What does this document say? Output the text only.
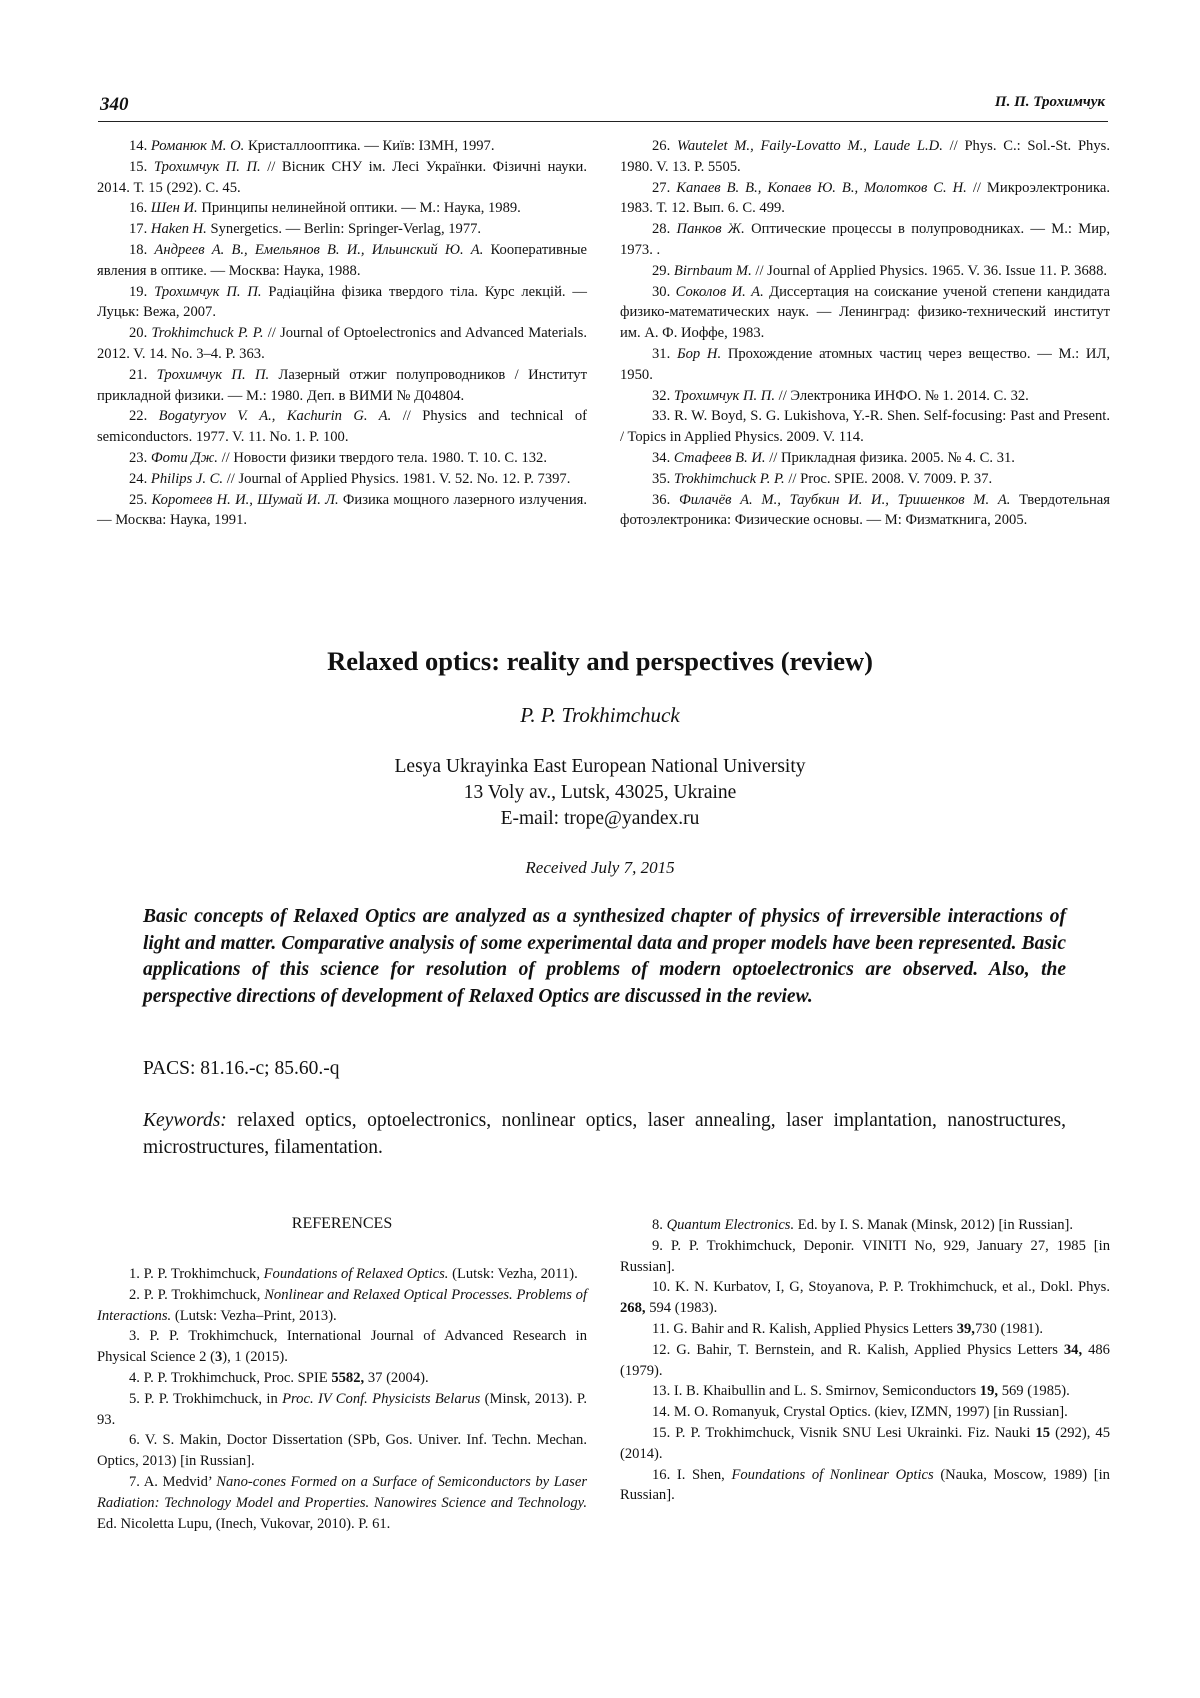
340	П. П. Трохимчук

14. Романюк М. О. Кристаллооптика. — Київ: ІЗМН, 1997.

15. Трохимчук П. П. // Вісник СНУ ім. Лесі Українки. Фізичні науки. 2014. Т. 15 (292). С. 45.

16. Шен И. Принципы нелинейной оптики. — М.: Наука, 1989.

17. Haken H. Synergetics. — Berlin: Springer-Verlag, 1977.

18. Андреев А. В., Емельянов В. И., Ильинский Ю. А. Кооперативные явления в оптике. — Москва: Наука, 1988.

19. Трохимчук П. П. Радіаційна фізика твердого тіла. Курс лекцій. — Луцьк: Вежа, 2007.

20. Trokhimchuck P. P. // Journal of Optoelectronics and Advanced Materials. 2012. V. 14. No. 3–4. P. 363.

21. Трохимчук П. П. Лазерный отжиг полупроводников / Институт прикладной физики. — М.: 1980. Деп. в ВИМИ № Д04804.

22. Bogatyryov V. A., Kachurin G. A. // Physics and technical of semiconductors. 1977. V. 11. No. 1. P. 100.

23. Фоти Дж. // Новости физики твердого тела. 1980. Т. 10. С. 132.

24. Philips J. C. // Journal of Applied Physics. 1981. V. 52. No. 12. P. 7397.

25. Коротеев Н. И., Шумай И. Л. Физика мощного лазерного излучения. — Москва: Наука, 1991.

26. Wautelet M., Faily-Lovatto M., Laude L.D. // Phys. C.: Sol.-St. Phys. 1980. V. 13. P. 5505.

27. Капаев В. В., Копаев Ю. В., Молотков С. Н. // Микроэлектроника. 1983. Т. 12. Вып. 6. С. 499.

28. Панков Ж. Оптические процессы в полупроводниках. — М.: Мир, 1973. .

29. Birnbaum M. // Journal of Applied Physics. 1965. V. 36. Issue 11. P. 3688.

30. Соколов И. А. Диссертация на соискание ученой степени кандидата физико-математических наук. — Ленинград: физико-технический институт им. А. Ф. Иоффе, 1983.

31. Бор Н. Прохождение атомных частиц через вещество. — М.: ИЛ, 1950.

32. Трохимчук П. П. // Электроника ИНФО. № 1. 2014. С. 32.

33. R. W. Boyd, S. G. Lukishova, Y.-R. Shen. Self-focusing: Past and Present. / Topics in Applied Physics. 2009. V. 114.

34. Стафеев В. И. // Прикладная физика. 2005. № 4. С. 31.

35. Trokhimchuck P. P. // Proc. SPIE. 2008. V. 7009. P. 37.

36. Филачёв А. М., Таубкин И. И., Тришенков М. А. Твердотельная фотоэлектроника: Физические основы. — М: Физматкнига, 2005.

Relaxed optics: reality and perspectives (review)
P. P. Trokhimchuck
Lesya Ukrayinka East European National University
13 Voly av., Lutsk, 43025, Ukraine
E-mail: trope@yandex.ru
Received July 7, 2015
Basic concepts of Relaxed Optics are analyzed as a synthesized chapter of physics of irreversible interactions of light and matter. Comparative analysis of some experimental data and proper models have been represented. Basic applications of this science for resolution of problems of modern optoelectronics are observed. Also, the perspective directions of development of Relaxed Optics are discussed in the review.
PACS: 81.16.-c; 85.60.-q
Keywords: relaxed optics, optoelectronics, nonlinear optics, laser annealing, laser implantation, nanostructures, microstructures, filamentation.
REFERENCES

1. P. P. Trokhimchuck, Foundations of Relaxed Optics. (Lutsk: Vezha, 2011).

2. P. P. Trokhimchuck, Nonlinear and Relaxed Optical Processes. Problems of Interactions. (Lutsk: Vezha–Print, 2013).

3. P. P. Trokhimchuck, International Journal of Advanced Research in Physical Science 2 (3), 1 (2015).

4. P. P. Trokhimchuck, Proc. SPIE 5582, 37 (2004).

5. P. P. Trokhimchuck, in Proc. IV Conf. Physicists Belarus (Minsk, 2013). P. 93.

6. V. S. Makin, Doctor Dissertation (SPb, Gos. Univer. Inf. Techn. Mechan. Optics, 2013) [in Russian].

7. A. Medvid’ Nano-cones Formed on a Surface of Semiconductors by Laser Radiation: Technology Model and Properties. Nanowires Science and Technology. Ed. Nicoletta Lupu, (Inech, Vukovar, 2010). P. 61.

8. Quantum Electronics. Ed. by I. S. Manak (Minsk, 2012) [in Russian].

9. P. P. Trokhimchuck, Deponir. VINITI No, 929, January 27, 1985 [in Russian].

10. K. N. Kurbatov, I, G, Stoyanova, P. P. Trokhimchuck, et al., Dokl. Phys. 268, 594 (1983).

11. G. Bahir and R. Kalish, Applied Physics Letters 39,730 (1981).

12. G. Bahir, T. Bernstein, and R. Kalish, Applied Physics Letters 34, 486 (1979).

13. I. B. Khaibullin and L. S. Smirnov, Semiconductors 19, 569 (1985).

14. M. O. Romanyuk, Crystal Optics. (kiev, IZMN, 1997) [in Russian].

15. P. P. Trokhimchuck, Visnik SNU Lesi Ukrainki. Fiz. Nauki 15 (292), 45 (2014).

16. I. Shen, Foundations of Nonlinear Optics (Nauka, Moscow, 1989) [in Russian].
